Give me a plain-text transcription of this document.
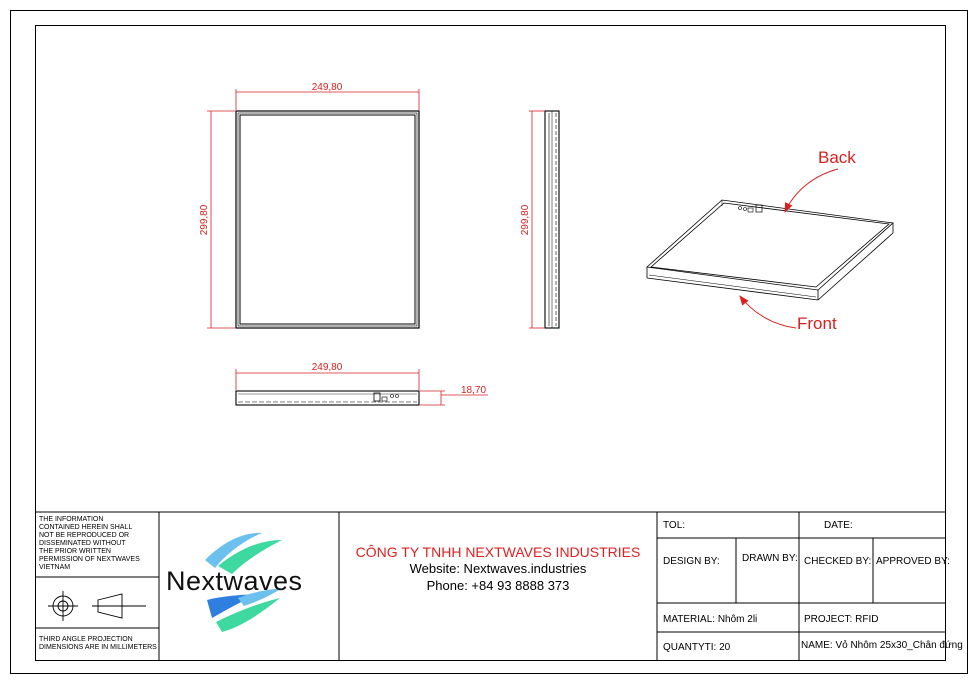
249,80
299,80	299,80
249,80
18,70
Back
Front
THE INFORMATION
CONTAINED HEREIN SHALL
NOT BE REPRODUCED OR
DISSEMINATED WITHOUT
THE PRIOR WRITTEN
PERMISSION OF NEXTWAVES
VIETNAM
THIRD ANGLE PROJECTION
DIMENSIONS ARE IN MILLIMETERS
Nextwaves
CÔNG TY TNHH NEXTWAVES INDUSTRIES
Website: Nextwaves.industries
Phone: +84 93 8888 373
TOL:	DATE:
DESIGN BY: DRAWN BY: CHECKED BY: APPROVED BY:
MATERIAL: Nhôm 2li	PROJECT: RFID
QUANTYTI: 20	NAME: Vỏ Nhôm 25x30_Chân đứng
